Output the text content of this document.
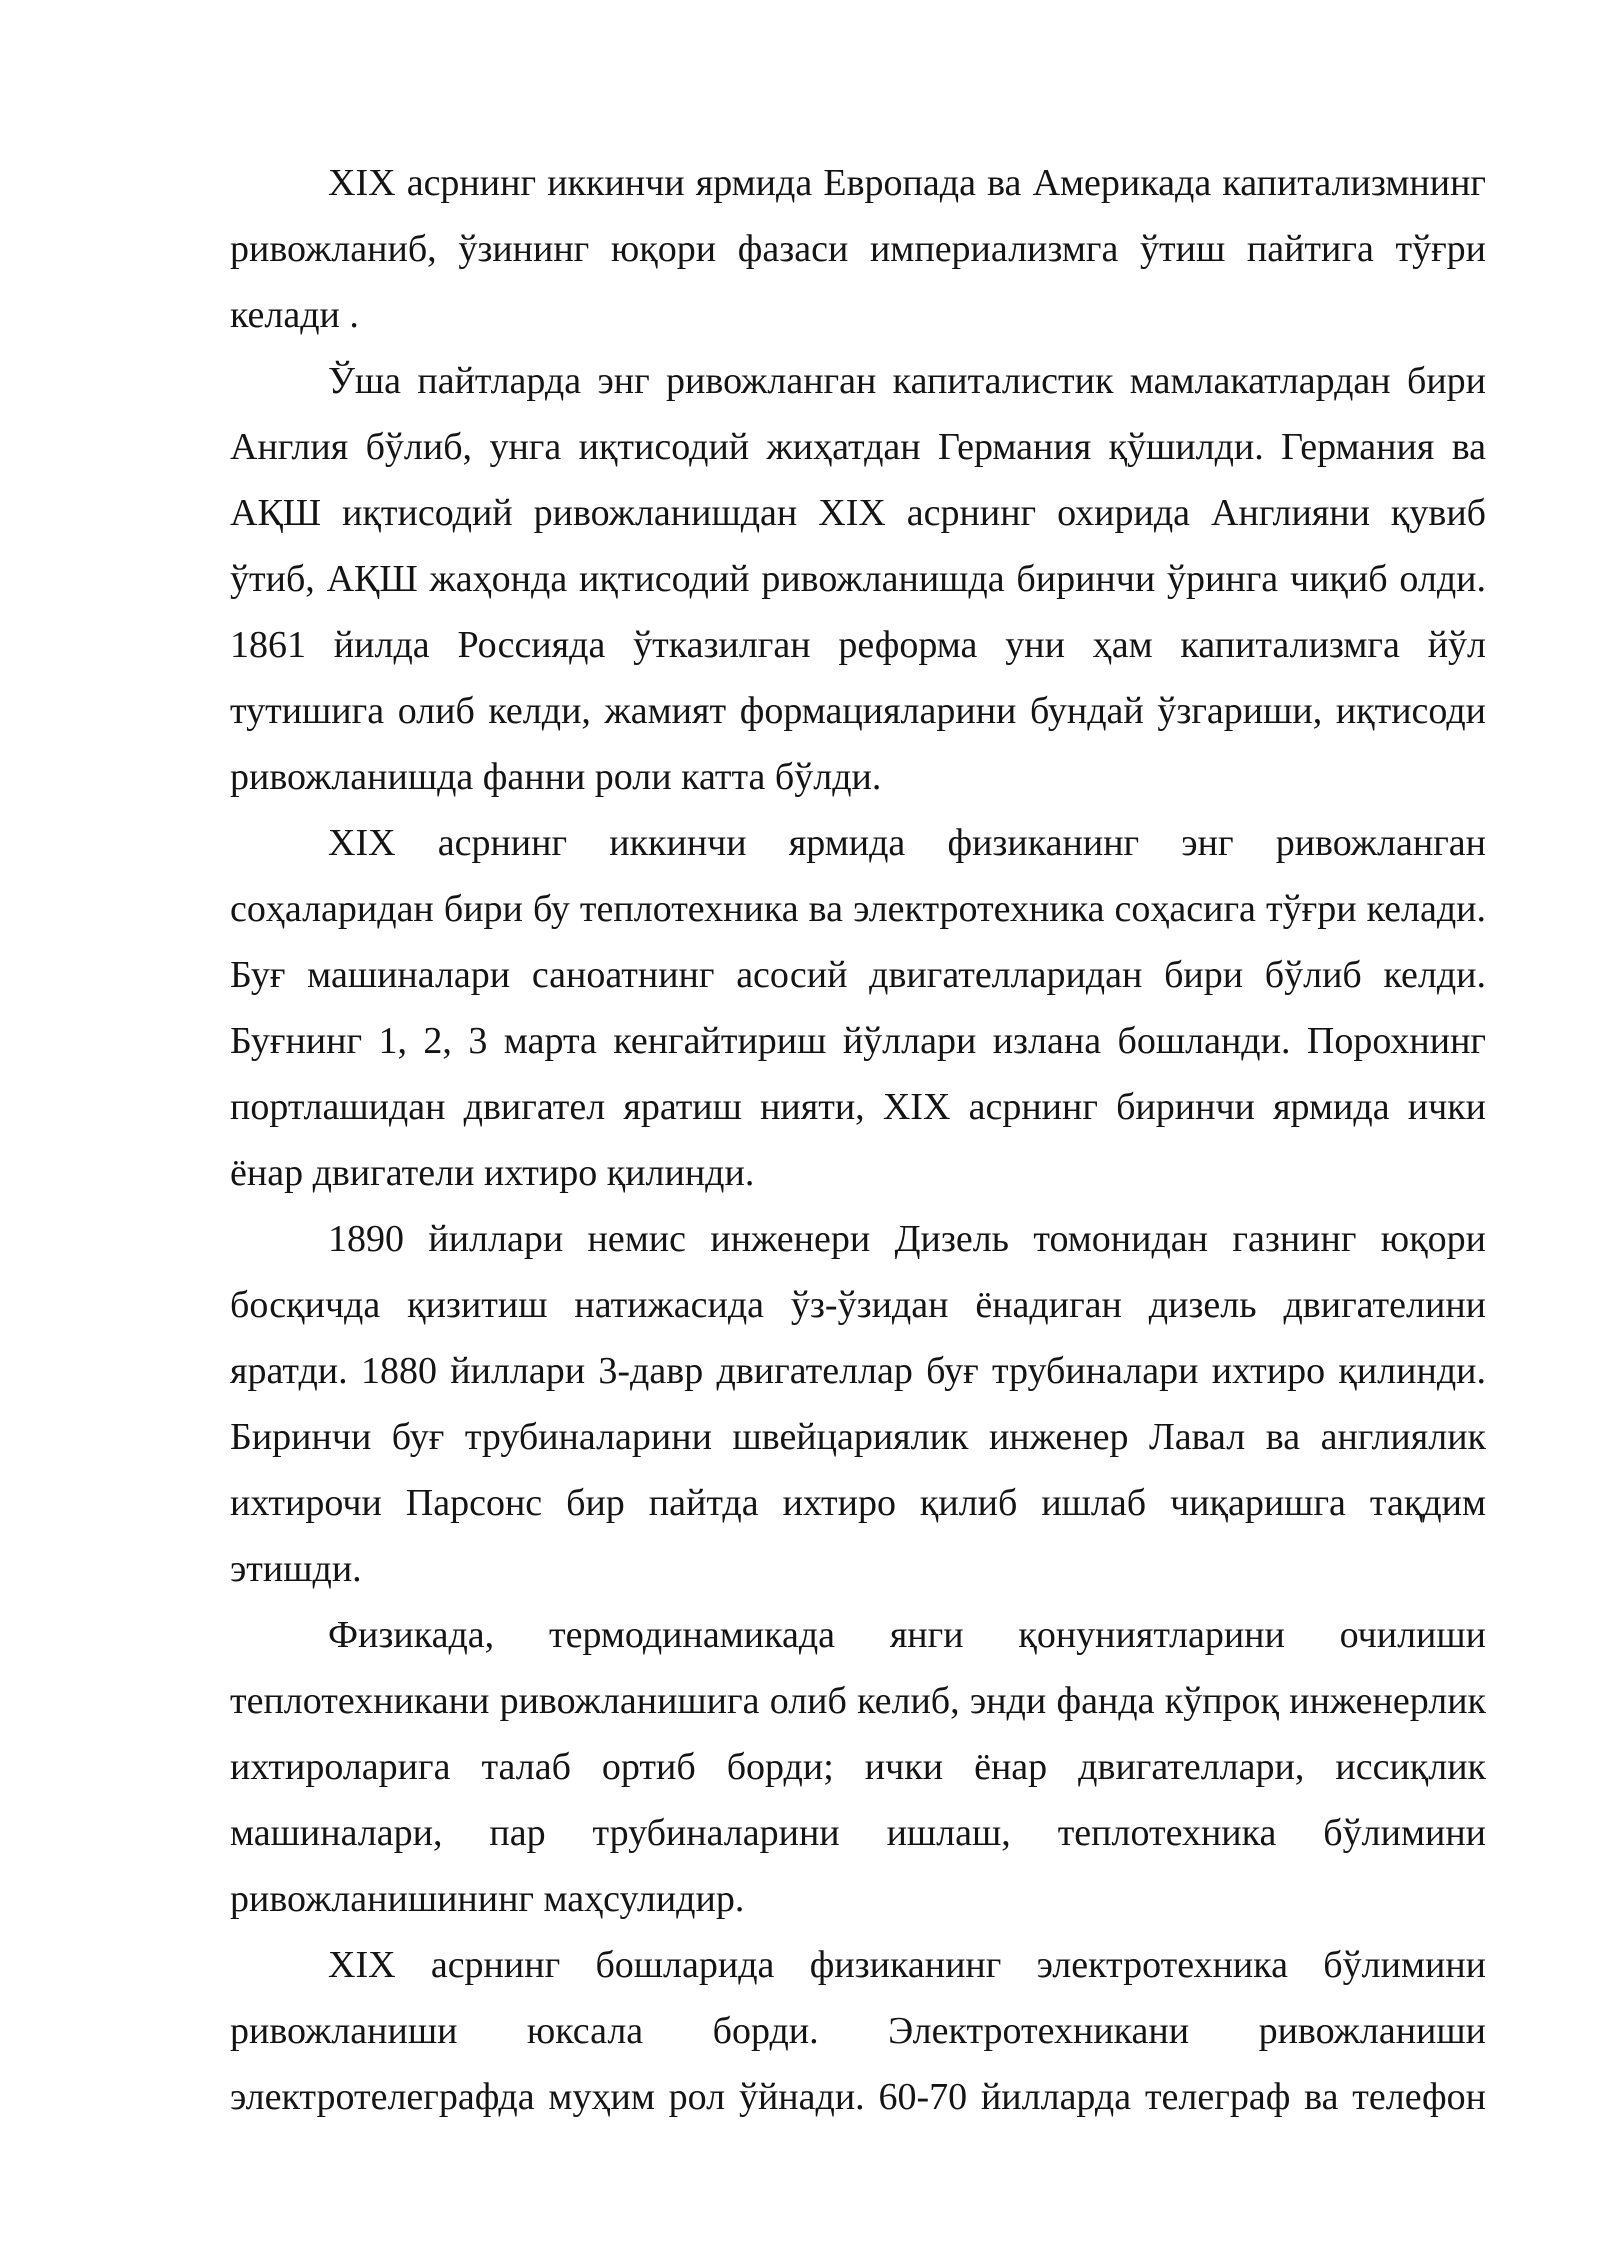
XIX асрнинг иккинчи ярмида Европада ва Америкада капитализмнинг
ривожланиб, ўзининг юқори фазаси империализмга ўтиш пайтига тўғри
келади .
Ўша пайтларда энг ривожланган капиталистик мамлакатлардан бири
Англия бўлиб, унга иқтисодий жиҳатдан Германия қўшилди. Германия ва
АҚШ иқтисодий ривожланишдан XIX асрнинг охирида Англияни қувиб
ўтиб, АҚШ жаҳонда иқтисодий ривожланишда биринчи ўринга чиқиб олди.
1861 йилда Россияда ўтказилган реформа уни ҳам капитализмга йўл
тутишига олиб келди, жамият формацияларини бундай ўзгариши, иқтисоди
ривожланишда фанни роли катта бўлди.
XIX асрнинг иккинчи ярмида физиканинг энг ривожланган
соҳаларидан бири бу теплотехника ва электротехника соҳасига тўғри келади.
Буғ машиналари саноатнинг асосий двигателларидан бири бўлиб келди.
Буғнинг 1, 2, 3 марта кенгайтириш йўллари излана бошланди. Порохнинг
портлашидан двигател яратиш нияти, XIX асрнинг биринчи ярмида ички
ёнар двигатели ихтиро қилинди.
1890 йиллари немис инженери Дизель томонидан газнинг юқори
босқичда қизитиш натижасида ўз-ўзидан ёнадиган дизель двигателини
яратди. 1880 йиллари 3-давр двигателлар буғ трубиналари ихтиро қилинди.
Биринчи буғ трубиналарини швейцариялик инженер Лавал ва англиялик
ихтирочи Парсонс бир пайтда ихтиро қилиб ишлаб чиқаришга тақдим
этишди.
Физикада, термодинамикада янги қонуниятларини очилиши
теплотехникани ривожланишига олиб келиб, энди фанда кўпроқ инженерлик
ихтироларига талаб ортиб борди; ички ёнар двигателлари, иссиқлик
машиналари, пар трубиналарини ишлаш, теплотехника бўлимини
ривожланишининг маҳсулидир.
XIX асрнинг бошларида физиканинг электротехника бўлимини
ривожланиши юксала борди. Электротехникани ривожланиши
электротелеграфда муҳим рол ўйнади. 60-70 йилларда телеграф ва телефон
